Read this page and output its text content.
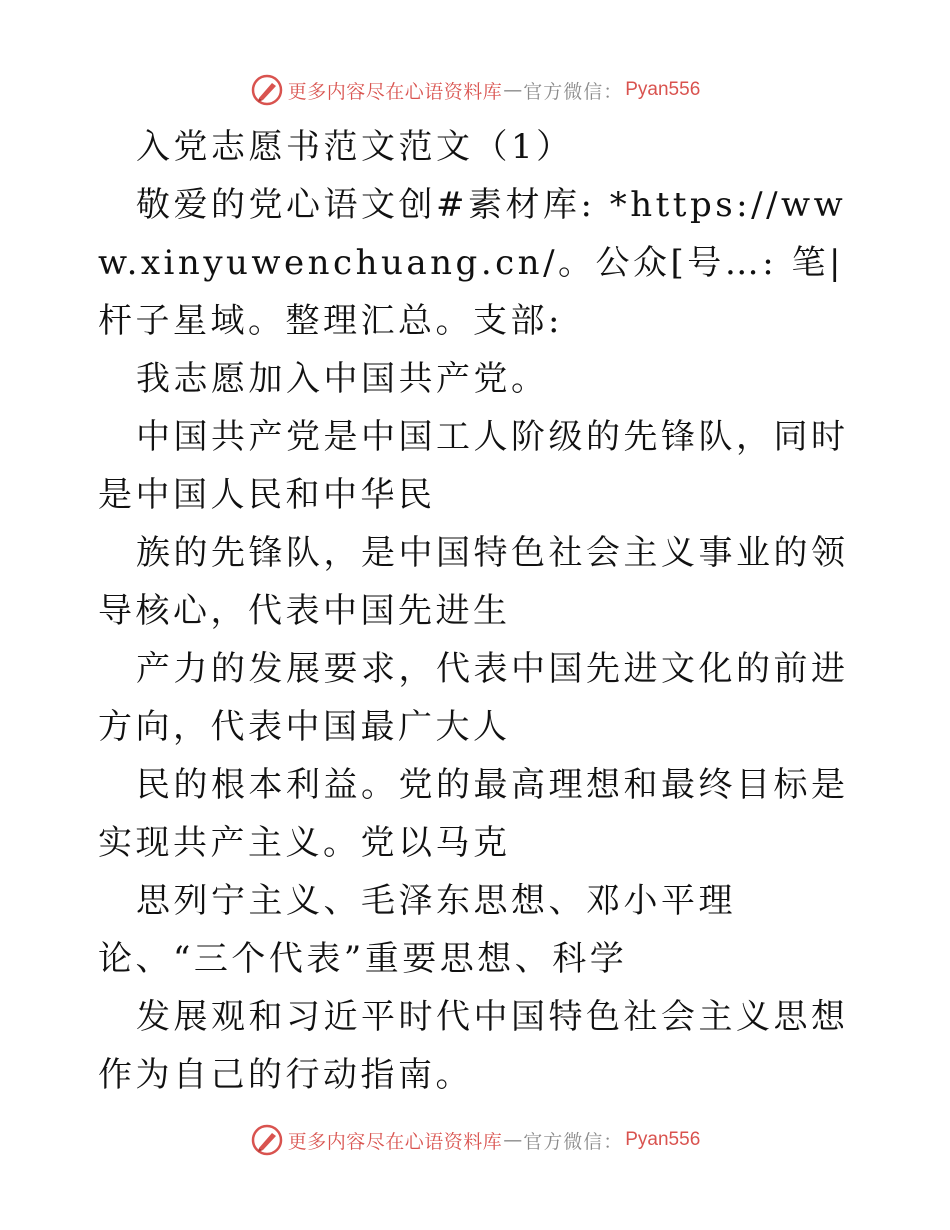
更多内容尽在心语资料库 — 官方微信： Pyan556

入党志愿书范文范文（1）

敬爱的党心语文创#素材库: *https://www.xinyuwenchuang.cn/。公众[号…: 笔|杆子星域。整理汇总。支部:

我志愿加入中国共产党。

中国共产党是中国工人阶级的先锋队，同时是中国人民和中华民

族的先锋队，是中国特色社会主义事业的领导核心，代表中国先进生

产力的发展要求，代表中国先进文化的前进方向，代表中国最广大人

民的根本利益。党的最高理想和最终目标是实现共产主义。党以马克

思列宁主义、毛泽东思想、邓小平理论、“三个代表”重要思想、科学

发展观和习近平时代中国特色社会主义思想作为自己的行动指南。

更多内容尽在心语资料库 — 官方微信： Pyan556
